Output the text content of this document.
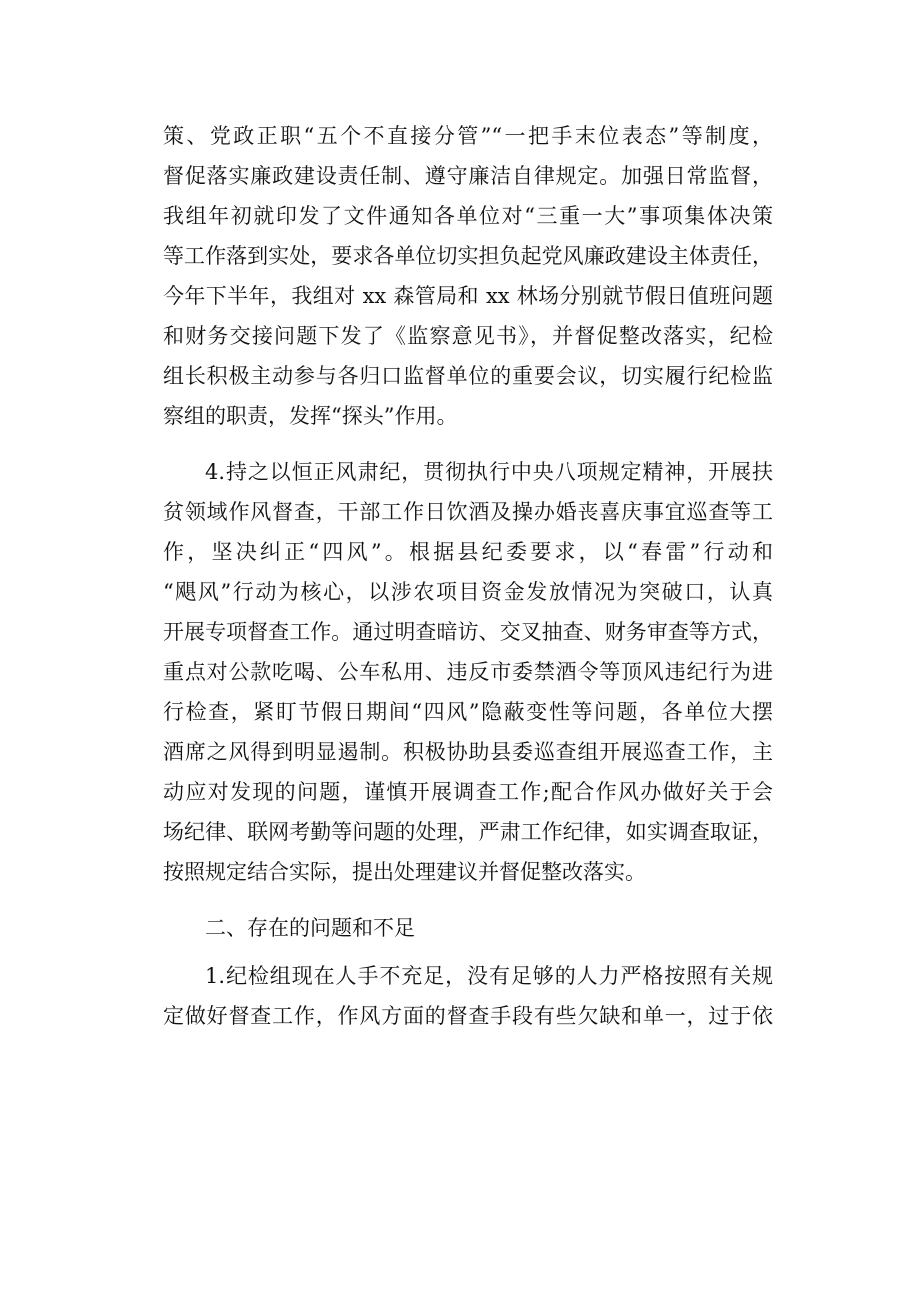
策、党政正职“五个不直接分管”“一把手末位表态”等制度，
督促落实廉政建设责任制、遵守廉洁自律规定。加强日常监督，
我组年初就印发了文件通知各单位对“三重一大”事项集体决策
等工作落到实处，要求各单位切实担负起党风廉政建设主体责任，
今年下半年，我组对 xx 森管局和 xx 林场分别就节假日值班问题
和财务交接问题下发了《监察意见书》，并督促整改落实，纪检
组长积极主动参与各归口监督单位的重要会议，切实履行纪检监
察组的职责，发挥“探头”作用。
4.持之以恒正风肃纪，贯彻执行中央八项规定精神，开展扶
贫领域作风督查，干部工作日饮酒及操办婚丧喜庆事宜巡查等工
作，坚决纠正“四风”。根据县纪委要求，以“春雷”行动和
“飓风”行动为核心，以涉农项目资金发放情况为突破口，认真
开展专项督查工作。通过明查暗访、交叉抽查、财务审查等方式，
重点对公款吃喝、公车私用、违反市委禁酒令等顶风违纪行为进
行检查，紧盯节假日期间“四风”隐蔽变性等问题，各单位大摆
酒席之风得到明显遏制。积极协助县委巡查组开展巡查工作，主
动应对发现的问题，谨慎开展调查工作;配合作风办做好关于会
场纪律、联网考勤等问题的处理，严肃工作纪律，如实调查取证，
按照规定结合实际，提出处理建议并督促整改落实。
二、存在的问题和不足
1.纪检组现在人手不充足，没有足够的人力严格按照有关规
定做好督查工作，作风方面的督查手段有些欠缺和单一，过于依
